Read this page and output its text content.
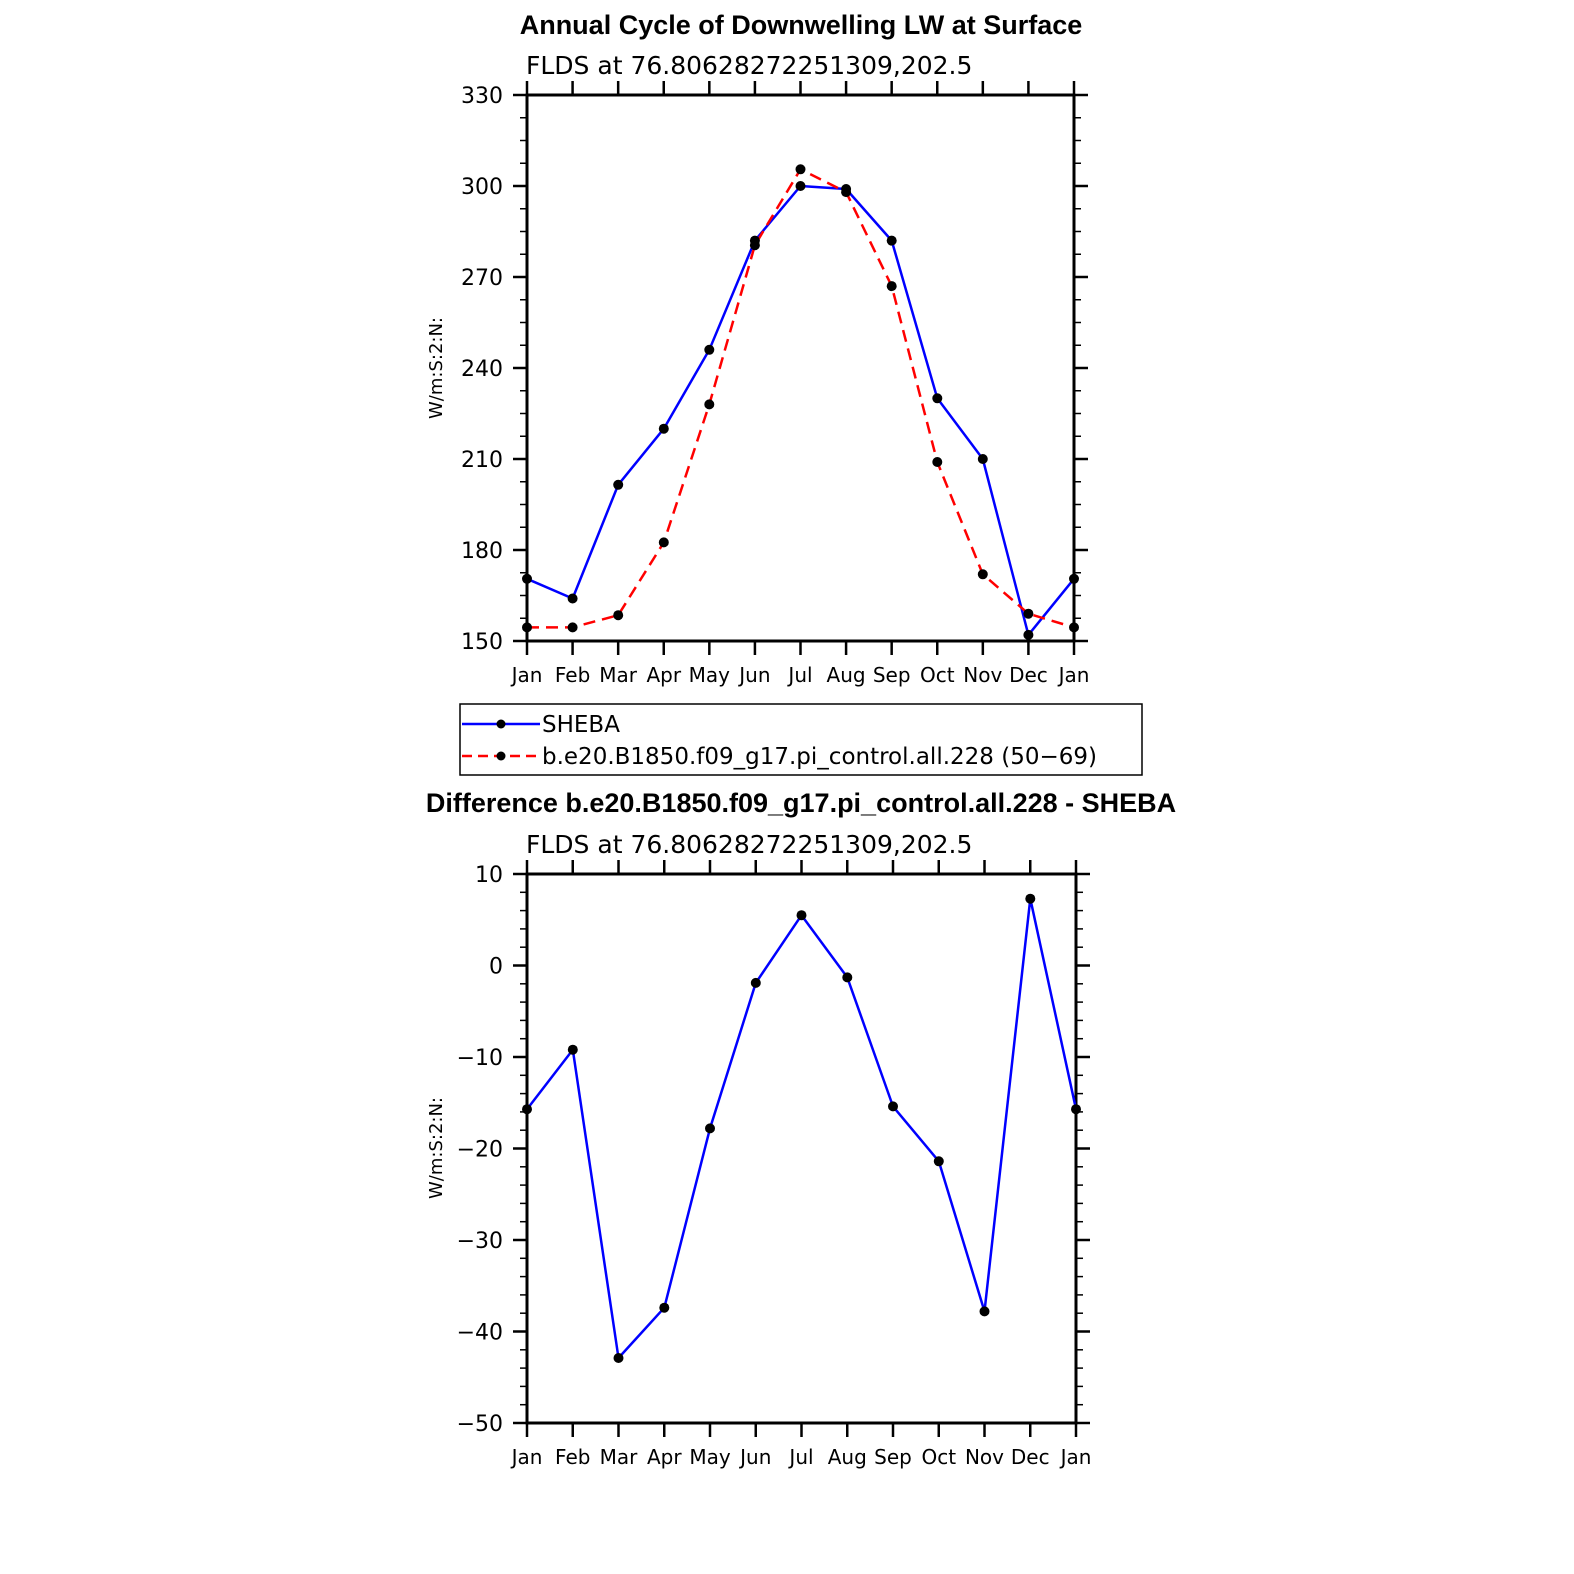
Annual Cycle of Downwelling LW at Surface
FLDS at 76.80628272251309,202.5
W/m:S:2:N:
150
180
210
240
270
300
330
Jan Feb Mar Apr May Jun Jul Aug Sep Oct Nov Dec Jan
SHEBA
b.e20.B1850.f09_g17.pi_control.all.228 (50−69)
Difference b.e20.B1850.f09_g17.pi_control.all.228 - SHEBA
FLDS at 76.80628272251309,202.5
W/m:S:2:N:
−50
−40
−30
−20
−10
0
10
Jan Feb Mar Apr May Jun Jul Aug Sep Oct Nov Dec Jan
